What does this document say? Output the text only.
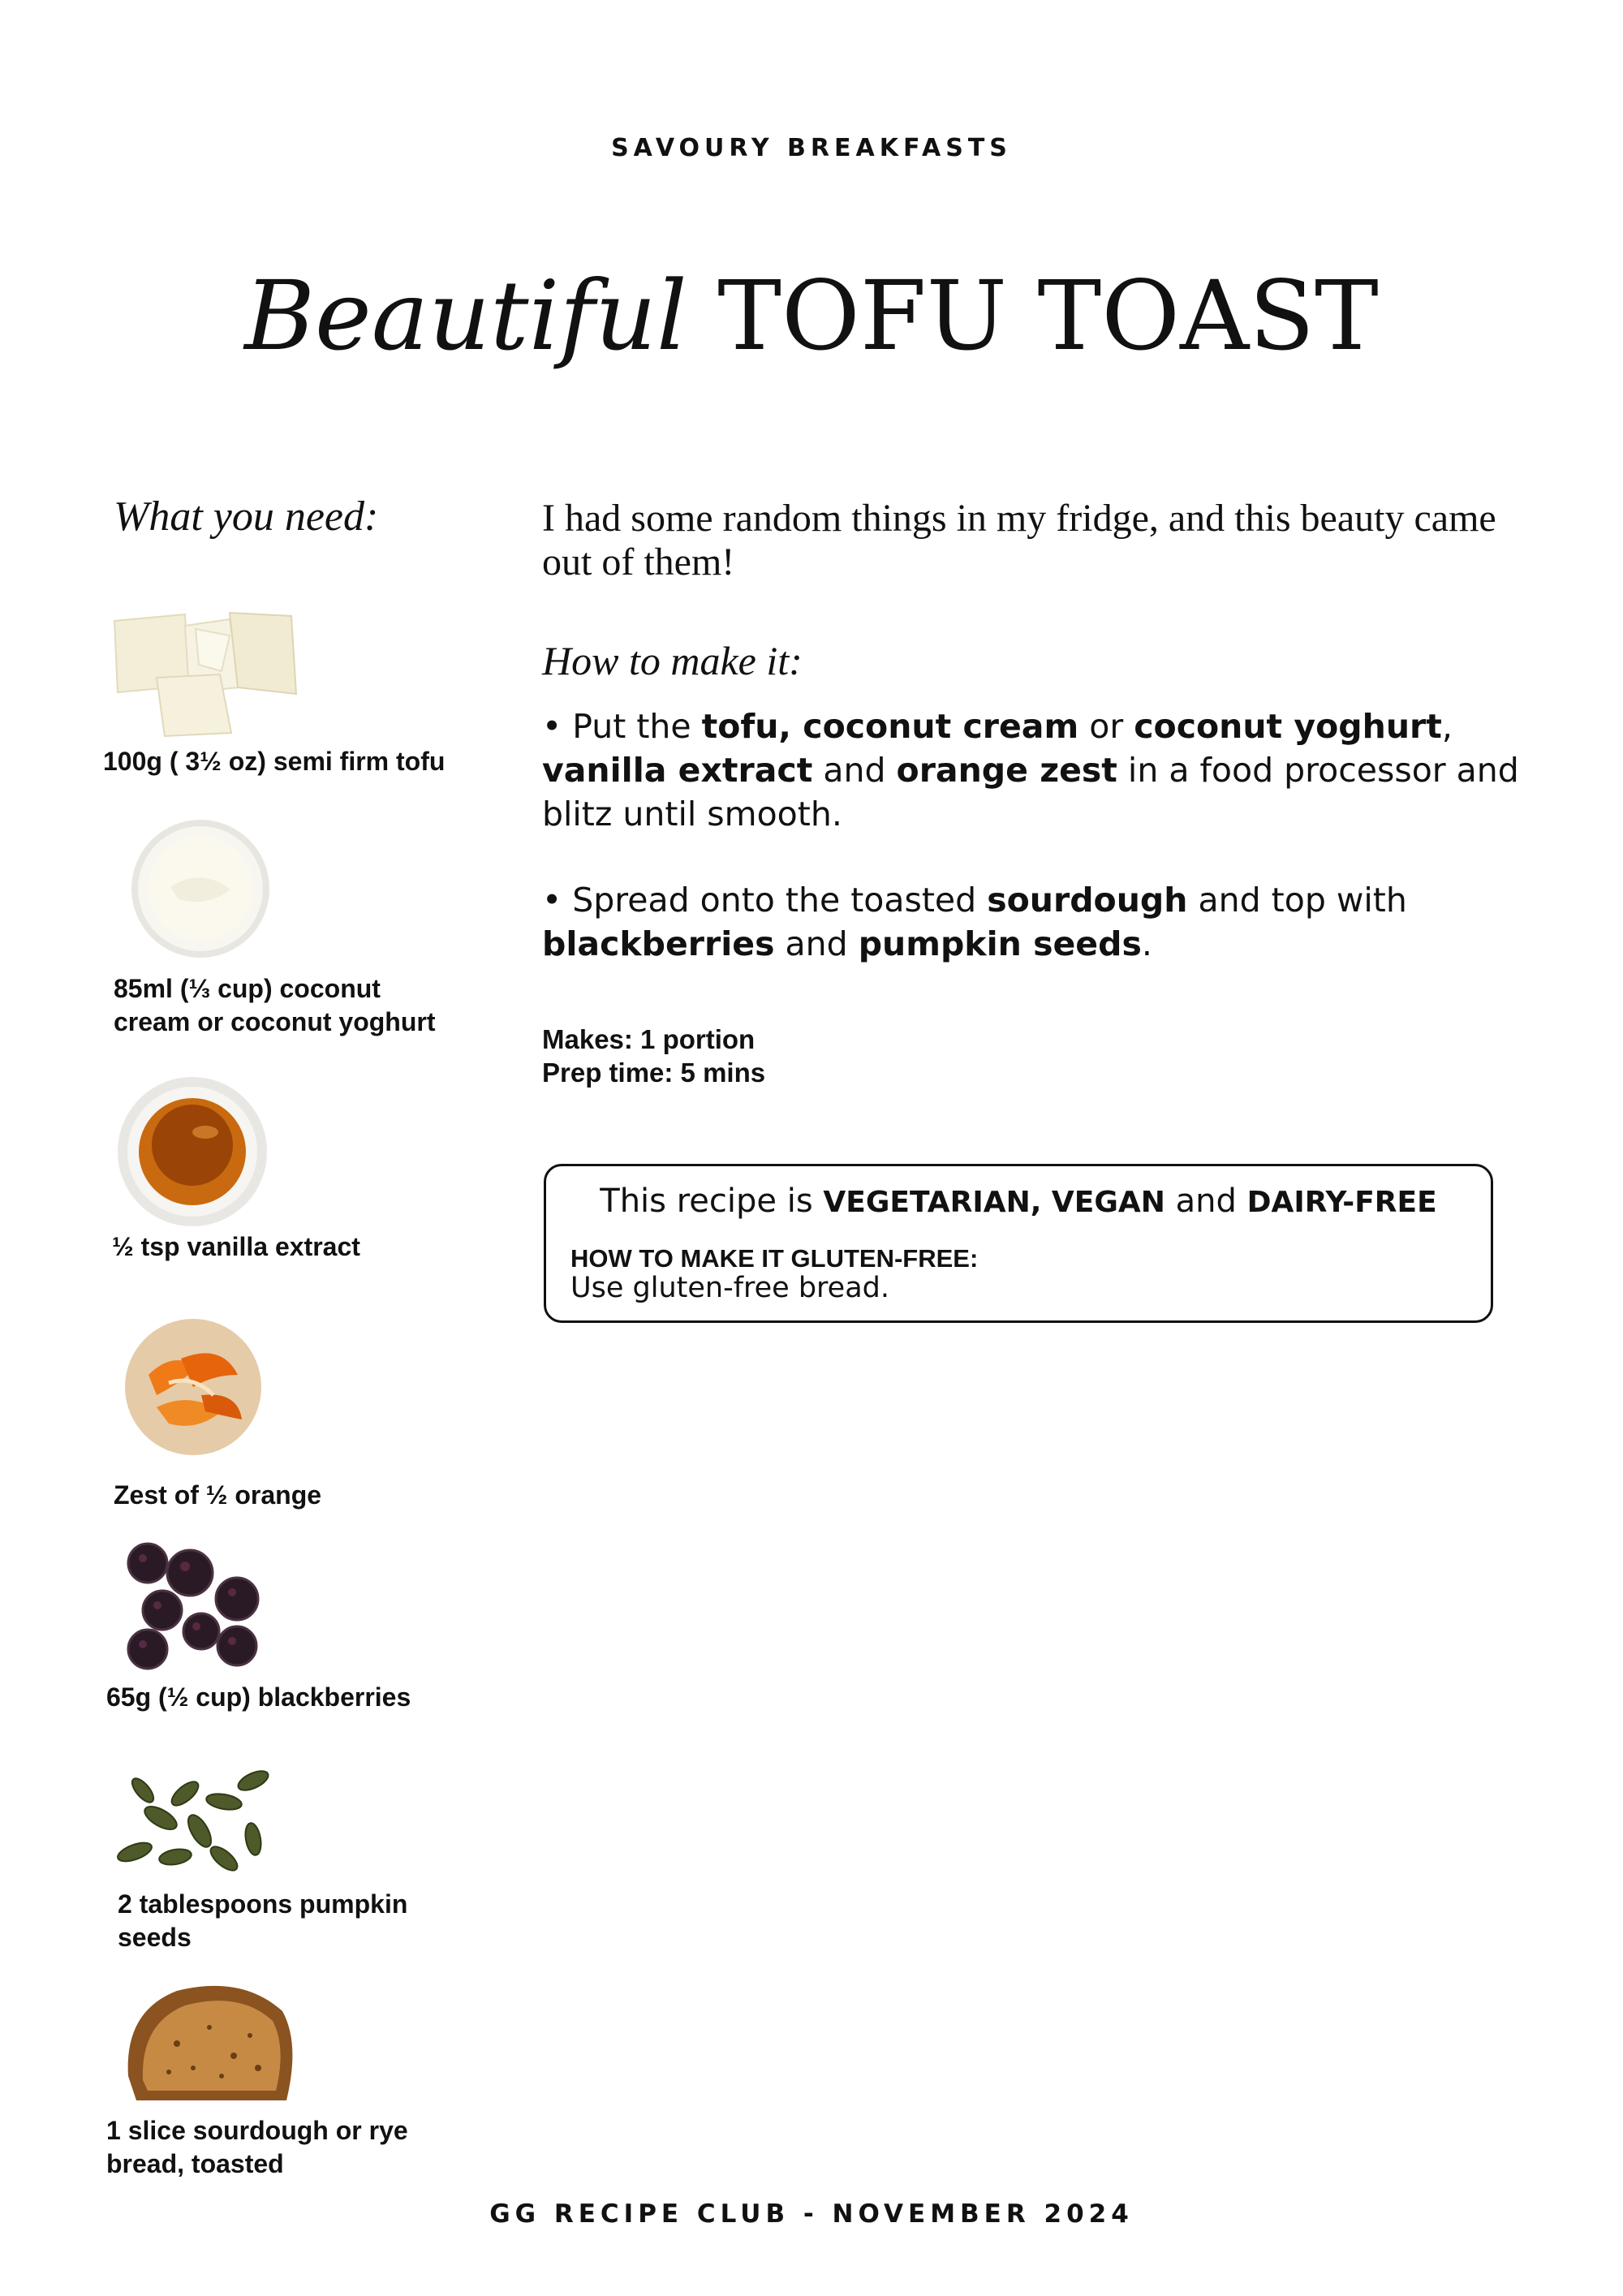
SAVOURY BREAKFASTS
Beautiful TOFU TOAST
What you need:
100g ( 3½ oz) semi firm tofu
85ml (⅓ cup) coconut
cream or coconut yoghurt
½ tsp vanilla extract
Zest of ½ orange
65g (½ cup) blackberries
2 tablespoons pumpkin
seeds
1 slice sourdough or rye
bread, toasted
I had some random things in my fridge, and this beauty came out of them!
How to make it:
• Put the tofu, coconut cream or coconut yoghurt, vanilla extract and orange zest in a food processor and blitz until smooth.
• Spread onto the toasted sourdough and top with blackberries and pumpkin seeds.
Makes: 1 portion
Prep time: 5 mins
This recipe is VEGETARIAN, VEGAN and DAIRY-FREE
HOW TO MAKE IT GLUTEN-FREE:
Use gluten-free bread.
GG RECIPE CLUB - NOVEMBER 2024
